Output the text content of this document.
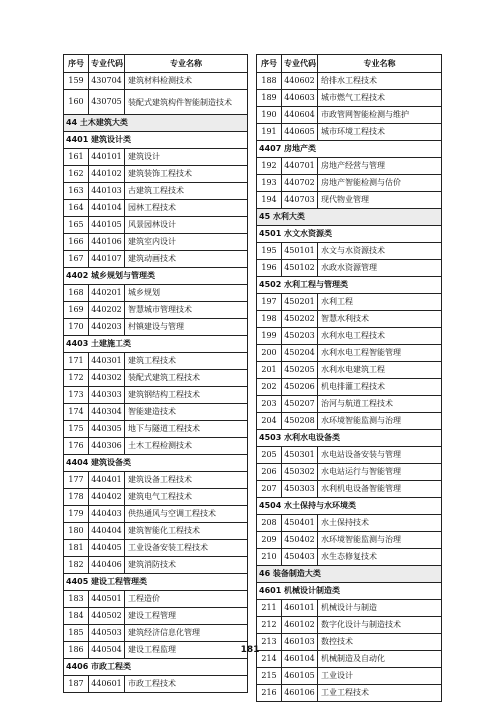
序号	专业代码	专业名称
159	430704	建筑材料检测技术
160	430705	装配式建筑构件智能制造技术
44 土木建筑大类		
4401 建筑设计类		
161	440101	建筑设计
162	440102	建筑装饰工程技术
163	440103	古建筑工程技术
164	440104	园林工程技术
165	440105	风景园林设计
166	440106	建筑室内设计
167	440107	建筑动画技术
4402 城乡规划与管理类		
168	440201	城乡规划
169	440202	智慧城市管理技术
170	440203	村镇建设与管理
4403 土建施工类		
171	440301	建筑工程技术
172	440302	装配式建筑工程技术
173	440303	建筑钢结构工程技术
174	440304	智能建造技术
175	440305	地下与隧道工程技术
176	440306	土木工程检测技术
4404 建筑设备类		
177	440401	建筑设备工程技术
178	440402	建筑电气工程技术
179	440403	供热通风与空调工程技术
180	440404	建筑智能化工程技术
181	440405	工业设备安装工程技术
182	440406	建筑消防技术
4405 建设工程管理类		
183	440501	工程造价
184	440502	建设工程管理
185	440503	建筑经济信息化管理
186	440504	建设工程监理
4406 市政工程类		
187	440601	市政工程技术
序号	专业代码	专业名称
188	440602	给排水工程技术
189	440603	城市燃气工程技术
190	440604	市政管网智能检测与维护
191	440605	城市环境工程技术
4407 房地产类		
192	440701	房地产经营与管理
193	440702	房地产智能检测与估价
194	440703	现代物业管理
45 水利大类		
4501 水文水资源类		
195	450101	水文与水资源技术
196	450102	水政水资源管理
4502 水利工程与管理类		
197	450201	水利工程
198	450202	智慧水利技术
199	450203	水利水电工程技术
200	450204	水利水电工程智能管理
201	450205	水利水电建筑工程
202	450206	机电排灌工程技术
203	450207	治河与航道工程技术
204	450208	水环境智能监测与治理
4503 水利水电设备类		
205	450301	水电站设备安装与管理
206	450302	水电站运行与智能管理
207	450303	水利机电设备智能管理
4504 水土保持与水环境类		
208	450401	水土保持技术
209	450402	水环境智能监测与治理
210	450403	水生态修复技术
46 装备制造大类		
4601 机械设计制造类		
211	460101	机械设计与制造
212	460102	数字化设计与制造技术
213	460103	数控技术
214	460104	机械制造及自动化
215	460105	工业设计
216	460106	工业工程技术
181
